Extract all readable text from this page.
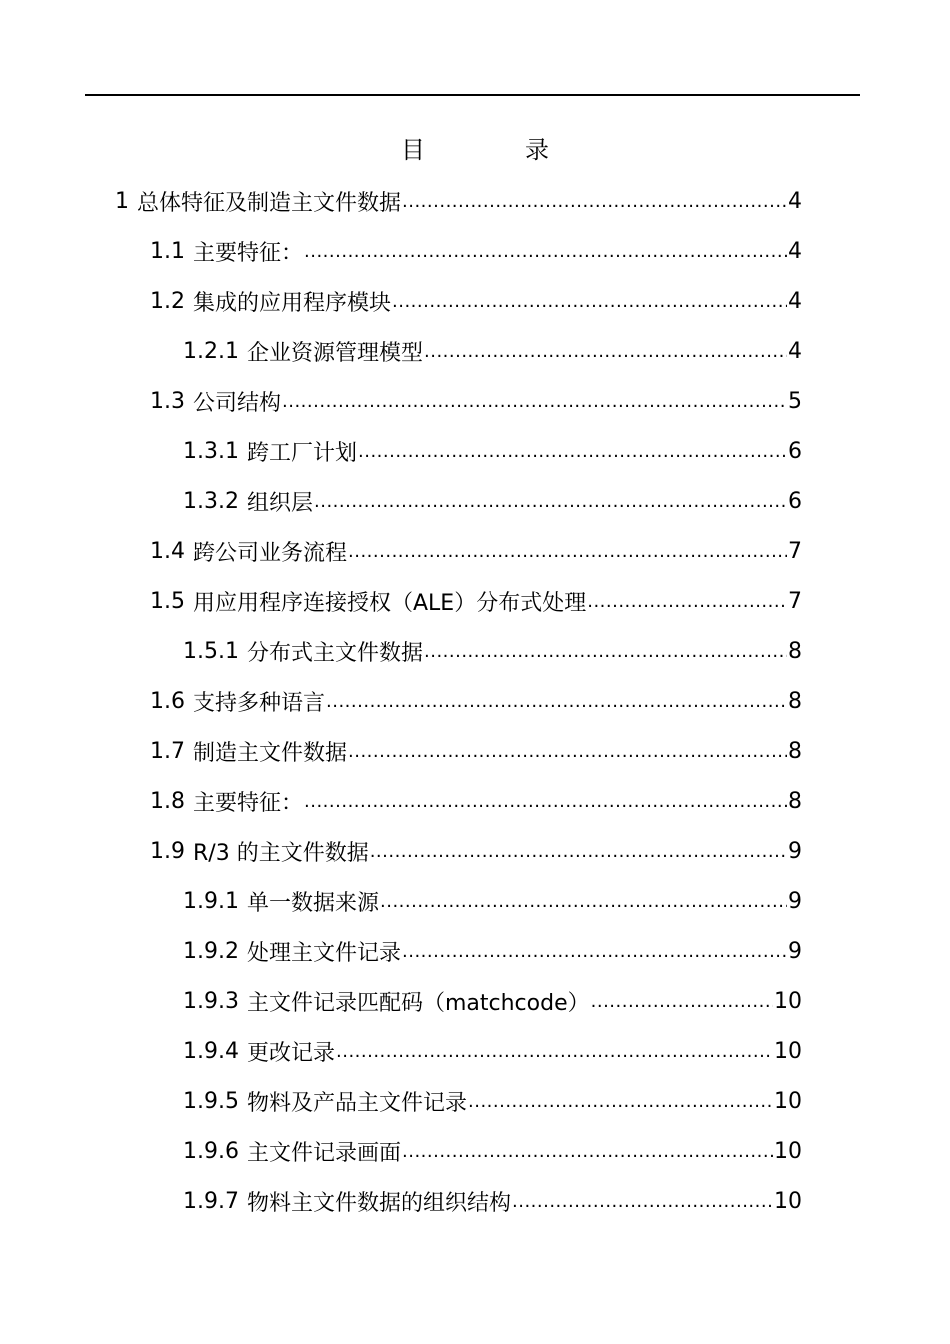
目	录
1 总体特征及制造主文件数据 .....	4
1.1 主要特征： .....	4
1.2 集成的应用程序模块 .....	4
1.2.1 企业资源管理模型 .....	4
1.3 公司结构 .....	5
1.3.1 跨工厂计划 .....	6
1.3.2 组织层 .....	6
1.4 跨公司业务流程 .....	7
1.5 用应用程序连接授权（ALE）分布式处理 .....	7
1.5.1 分布式主文件数据 .....	8
1.6 支持多种语言 .....	8
1.7 制造主文件数据 .....	8
1.8 主要特征： .....	8
1.9 R/3 的主文件数据 .....	9
1.9.1 单一数据来源 .....	9
1.9.2 处理主文件记录 .....	9
1.9.3 主文件记录匹配码（matchcode） .....	10
1.9.4 更改记录 .....	10
1.9.5 物料及产品主文件记录 .....	10
1.9.6 主文件记录画面 .....	10
1.9.7 物料主文件数据的组织结构 .....	10
